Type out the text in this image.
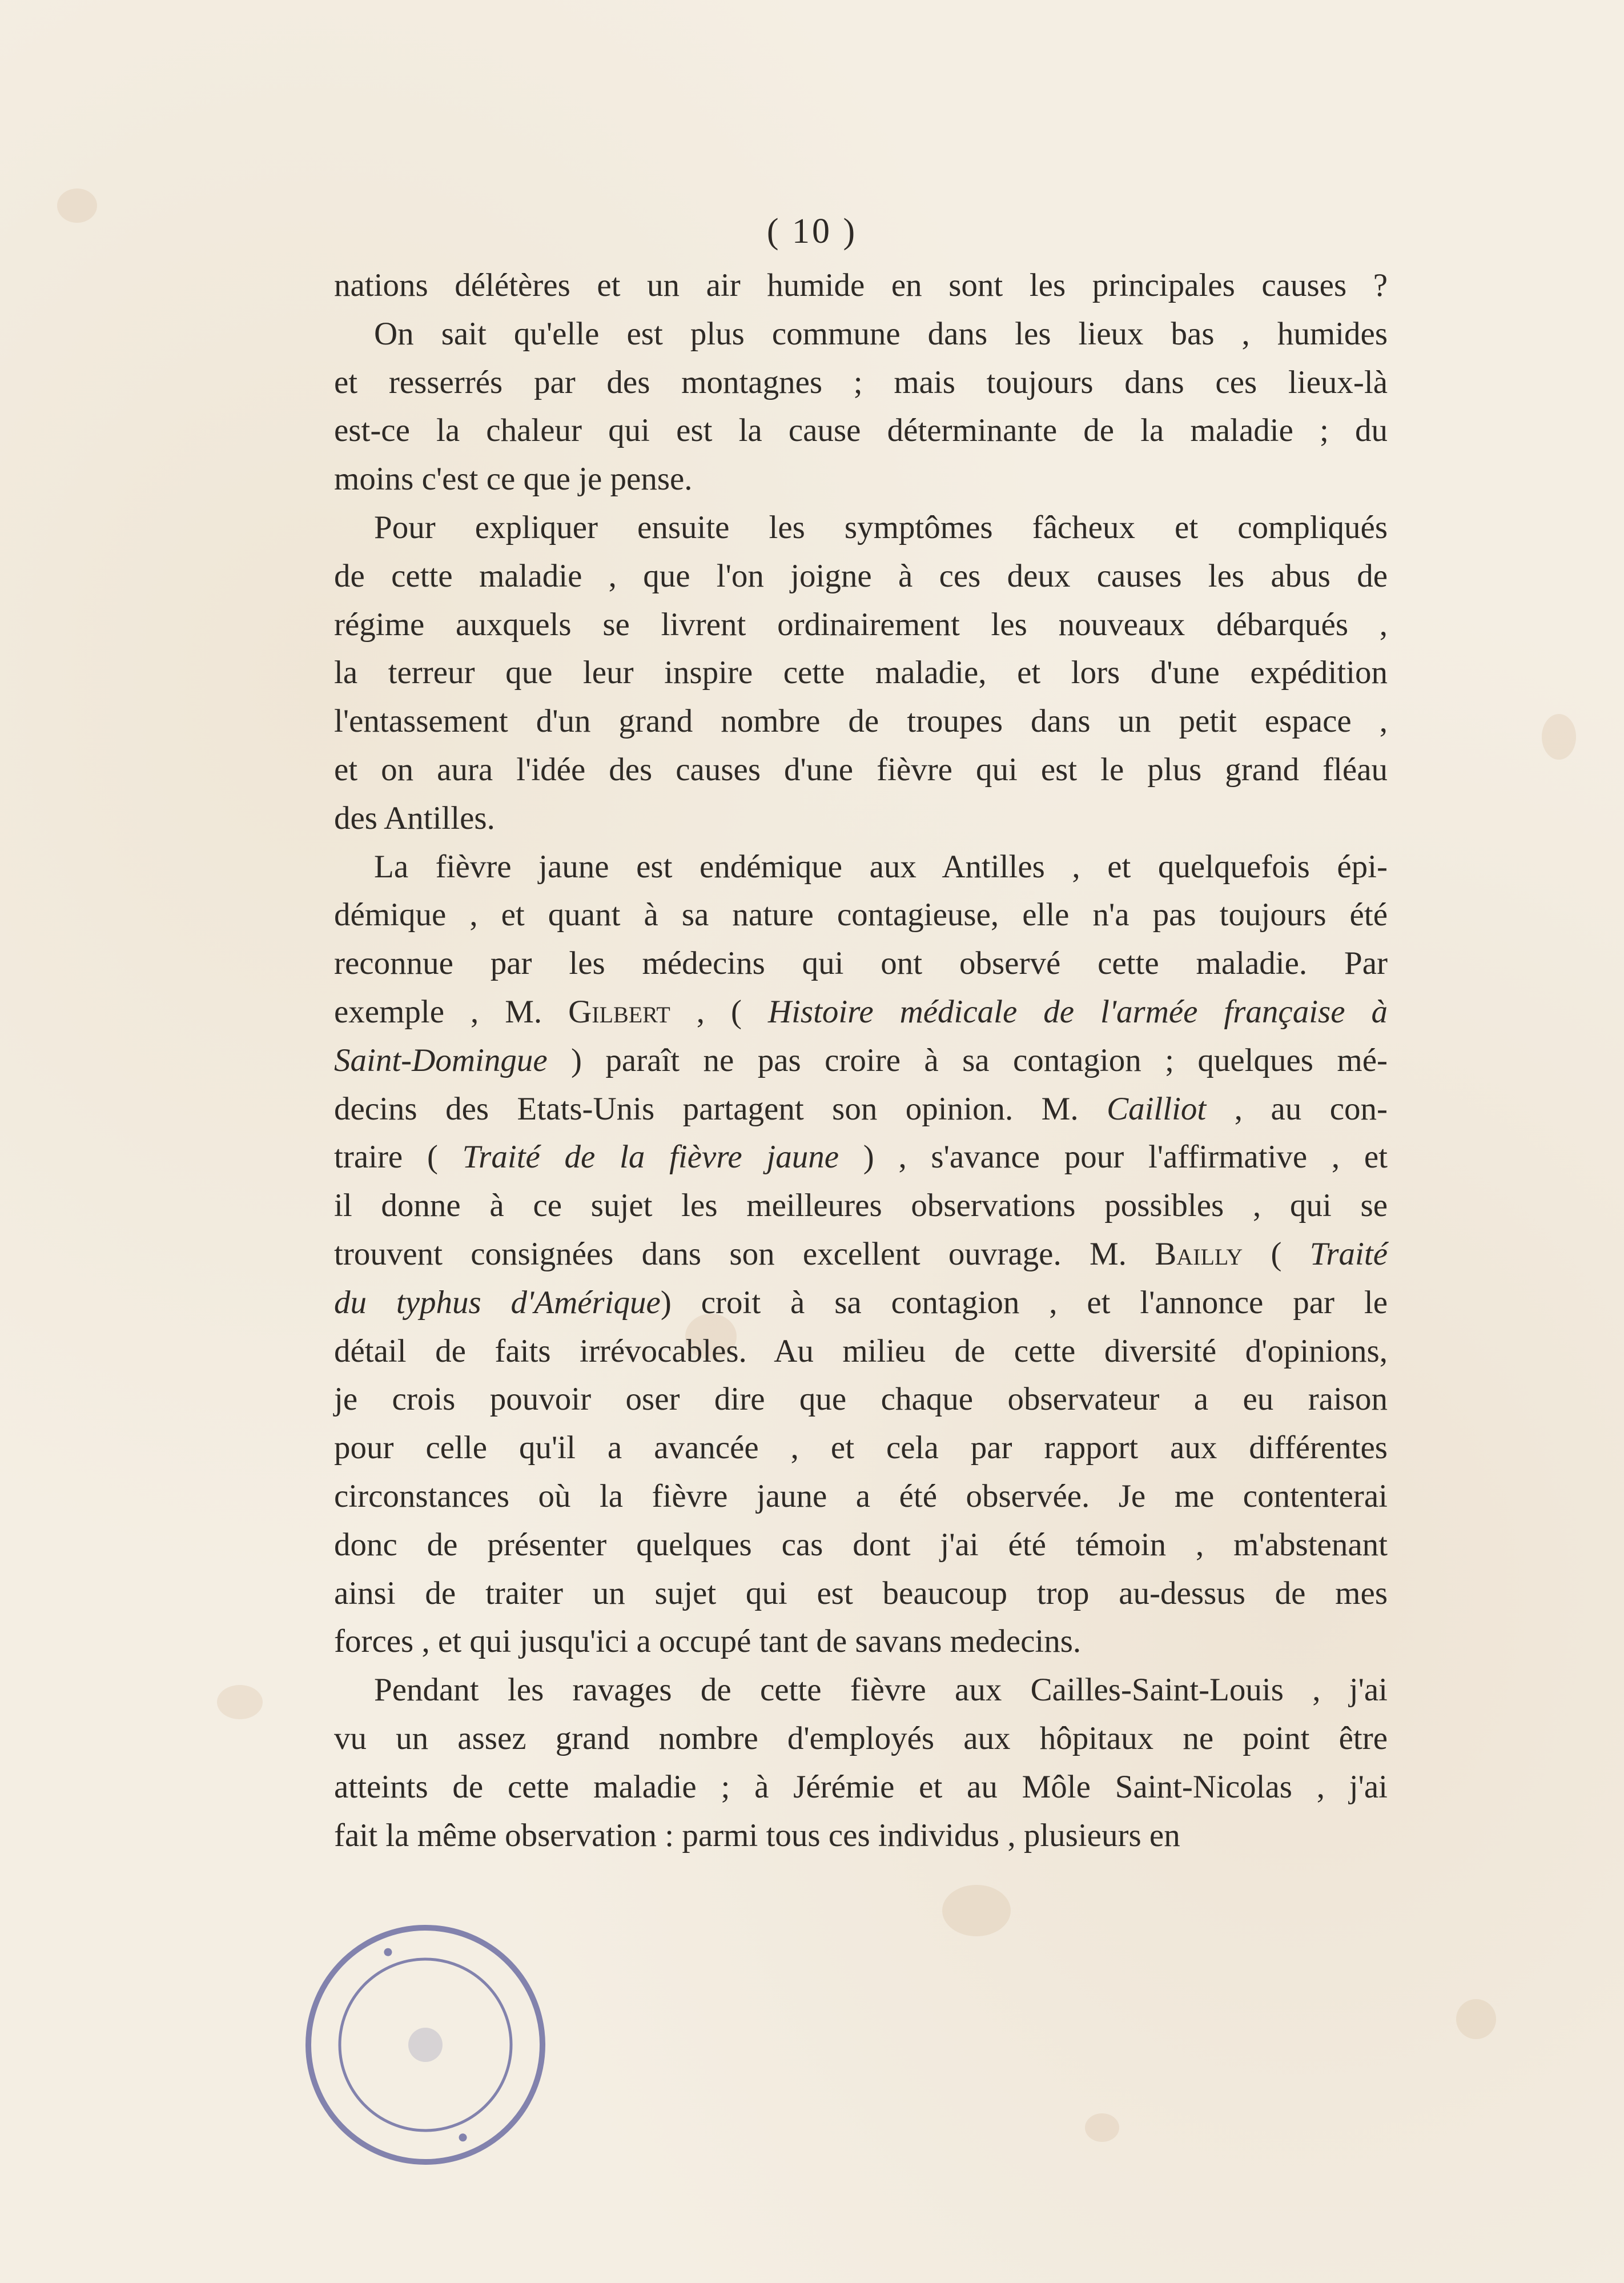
( 10 )
nations délétères et un air humide en sont les principales causes ?
On sait qu'elle est plus commune dans les lieux bas , humides
et resserrés par des montagnes ; mais toujours dans ces lieux-là
est-ce la chaleur qui est la cause déterminante de la maladie ; du
moins c'est ce que je pense.
Pour expliquer ensuite les symptômes fâcheux et compliqués
de cette maladie , que l'on joigne à ces deux causes les abus de
régime auxquels se livrent ordinairement les nouveaux débarqués ,
la terreur que leur inspire cette maladie, et lors d'une expédition
l'entassement d'un grand nombre de troupes dans un petit espace ,
et on aura l'idée des causes d'une fièvre qui est le plus grand fléau
des Antilles.
La fièvre jaune est endémique aux Antilles , et quelquefois épi-
démique , et quant à sa nature contagieuse, elle n'a pas toujours été
reconnue par les médecins qui ont observé cette maladie. Par
exemple , M. Gilbert , ( Histoire médicale de l'armée française à
Saint-Domingue ) paraît ne pas croire à sa contagion ; quelques mé-
decins des Etats-Unis partagent son opinion. M. Cailliot , au con-
traire ( Traité de la fièvre jaune ) , s'avance pour l'affirmative , et
il donne à ce sujet les meilleures observations possibles , qui se
trouvent consignées dans son excellent ouvrage. M. Bailly ( Traité
du typhus d'Amérique) croit à sa contagion , et l'annonce par le
détail de faits irrévocables. Au milieu de cette diversité d'opinions,
je crois pouvoir oser dire que chaque observateur a eu raison
pour celle qu'il a avancée , et cela par rapport aux différentes
circonstances où la fièvre jaune a été observée. Je me contenterai
donc de présenter quelques cas dont j'ai été témoin , m'abstenant
ainsi de traiter un sujet qui est beaucoup trop au-dessus de mes
forces , et qui jusqu'ici a occupé tant de savans medecins.
Pendant les ravages de cette fièvre aux Cailles-Saint-Louis , j'ai
vu un assez grand nombre d'employés aux hôpitaux ne point être
atteints de cette maladie ; à Jérémie et au Môle Saint-Nicolas , j'ai
fait la même observation : parmi tous ces individus , plusieurs en
